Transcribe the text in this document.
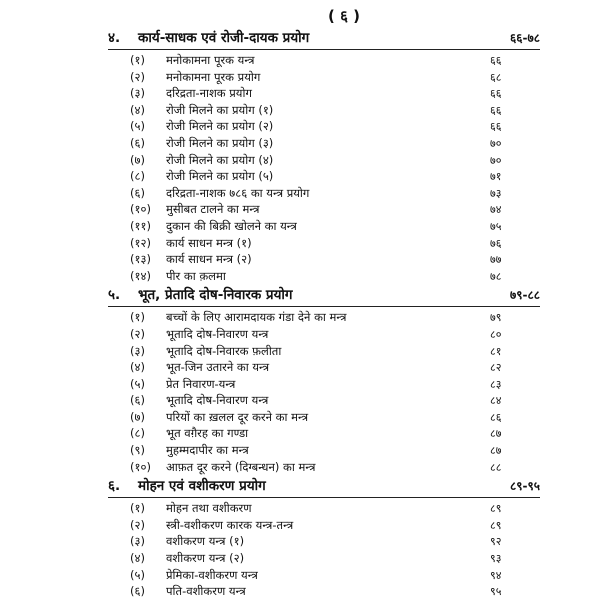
( ६ )
४.	कार्य-साधक एवं रोजी-दायक प्रयोग	६६-७८
(१)	मनोकामना पूरक यन्त्र	६६
(२)	मनोकामना पूरक प्रयोग	६८
(३)	दरिद्रता-नाशक प्रयोग	६६
(४)	रोजी मिलने का प्रयोग (१)	६६
(५)	रोजी मिलने का प्रयोग (२)	६६
(६)	रोजी मिलने का प्रयोग (३)	७०
(७)	रोजी मिलने का प्रयोग (४)	७०
(८)	रोजी मिलने का प्रयोग (५)	७१
(६)	दरिद्रता-नाशक ७८६ का यन्त्र प्रयोग	७३
(१०)	मुसीबत टालने का मन्त्र	७४
(११)	दुकान की बिक्री खोलने का यन्त्र	७५
(१२)	कार्य साधन मन्त्र (१)	७६
(१३)	कार्य साधन मन्त्र (२)	७७
(१४)	पीर का क़लमा	७८
५.	भूत, प्रेतादि दोष-निवारक प्रयोग	७९-८८
(१)	बच्चों के लिए आरामदायक गंडा देने का मन्त्र	७९
(२)	भूतादि दोष-निवारण यन्त्र	८०
(३)	भूतादि दोष-निवारक फ़लीता	८१
(४)	भूत-जिन उतारने का यन्त्र	८२
(५)	प्रेत निवारण-यन्त्र	८३
(६)	भूतादि दोष-निवारण यन्त्र	८४
(७)	परियों का ख़लल दूर करने का मन्त्र	८६
(८)	भूत वग़ैरह का गण्डा	८७
(९)	मुहम्मदापीर का मन्त्र	८७
(१०)	आफ़त दूर करने (दिग्बन्धन) का मन्त्र	८८
६.	मोहन एवं वशीकरण प्रयोग	८९-९५
(१)	मोहन तथा वशीकरण	८९
(२)	स्त्री-वशीकरण कारक यन्त्र-तन्त्र	८९
(३)	वशीकरण यन्त्र (१)	९२
(४)	वशीकरण यन्त्र (२)	९३
(५)	प्रेमिका-वशीकरण यन्त्र	९४
(६)	पति-वशीकरण यन्त्र	९५
